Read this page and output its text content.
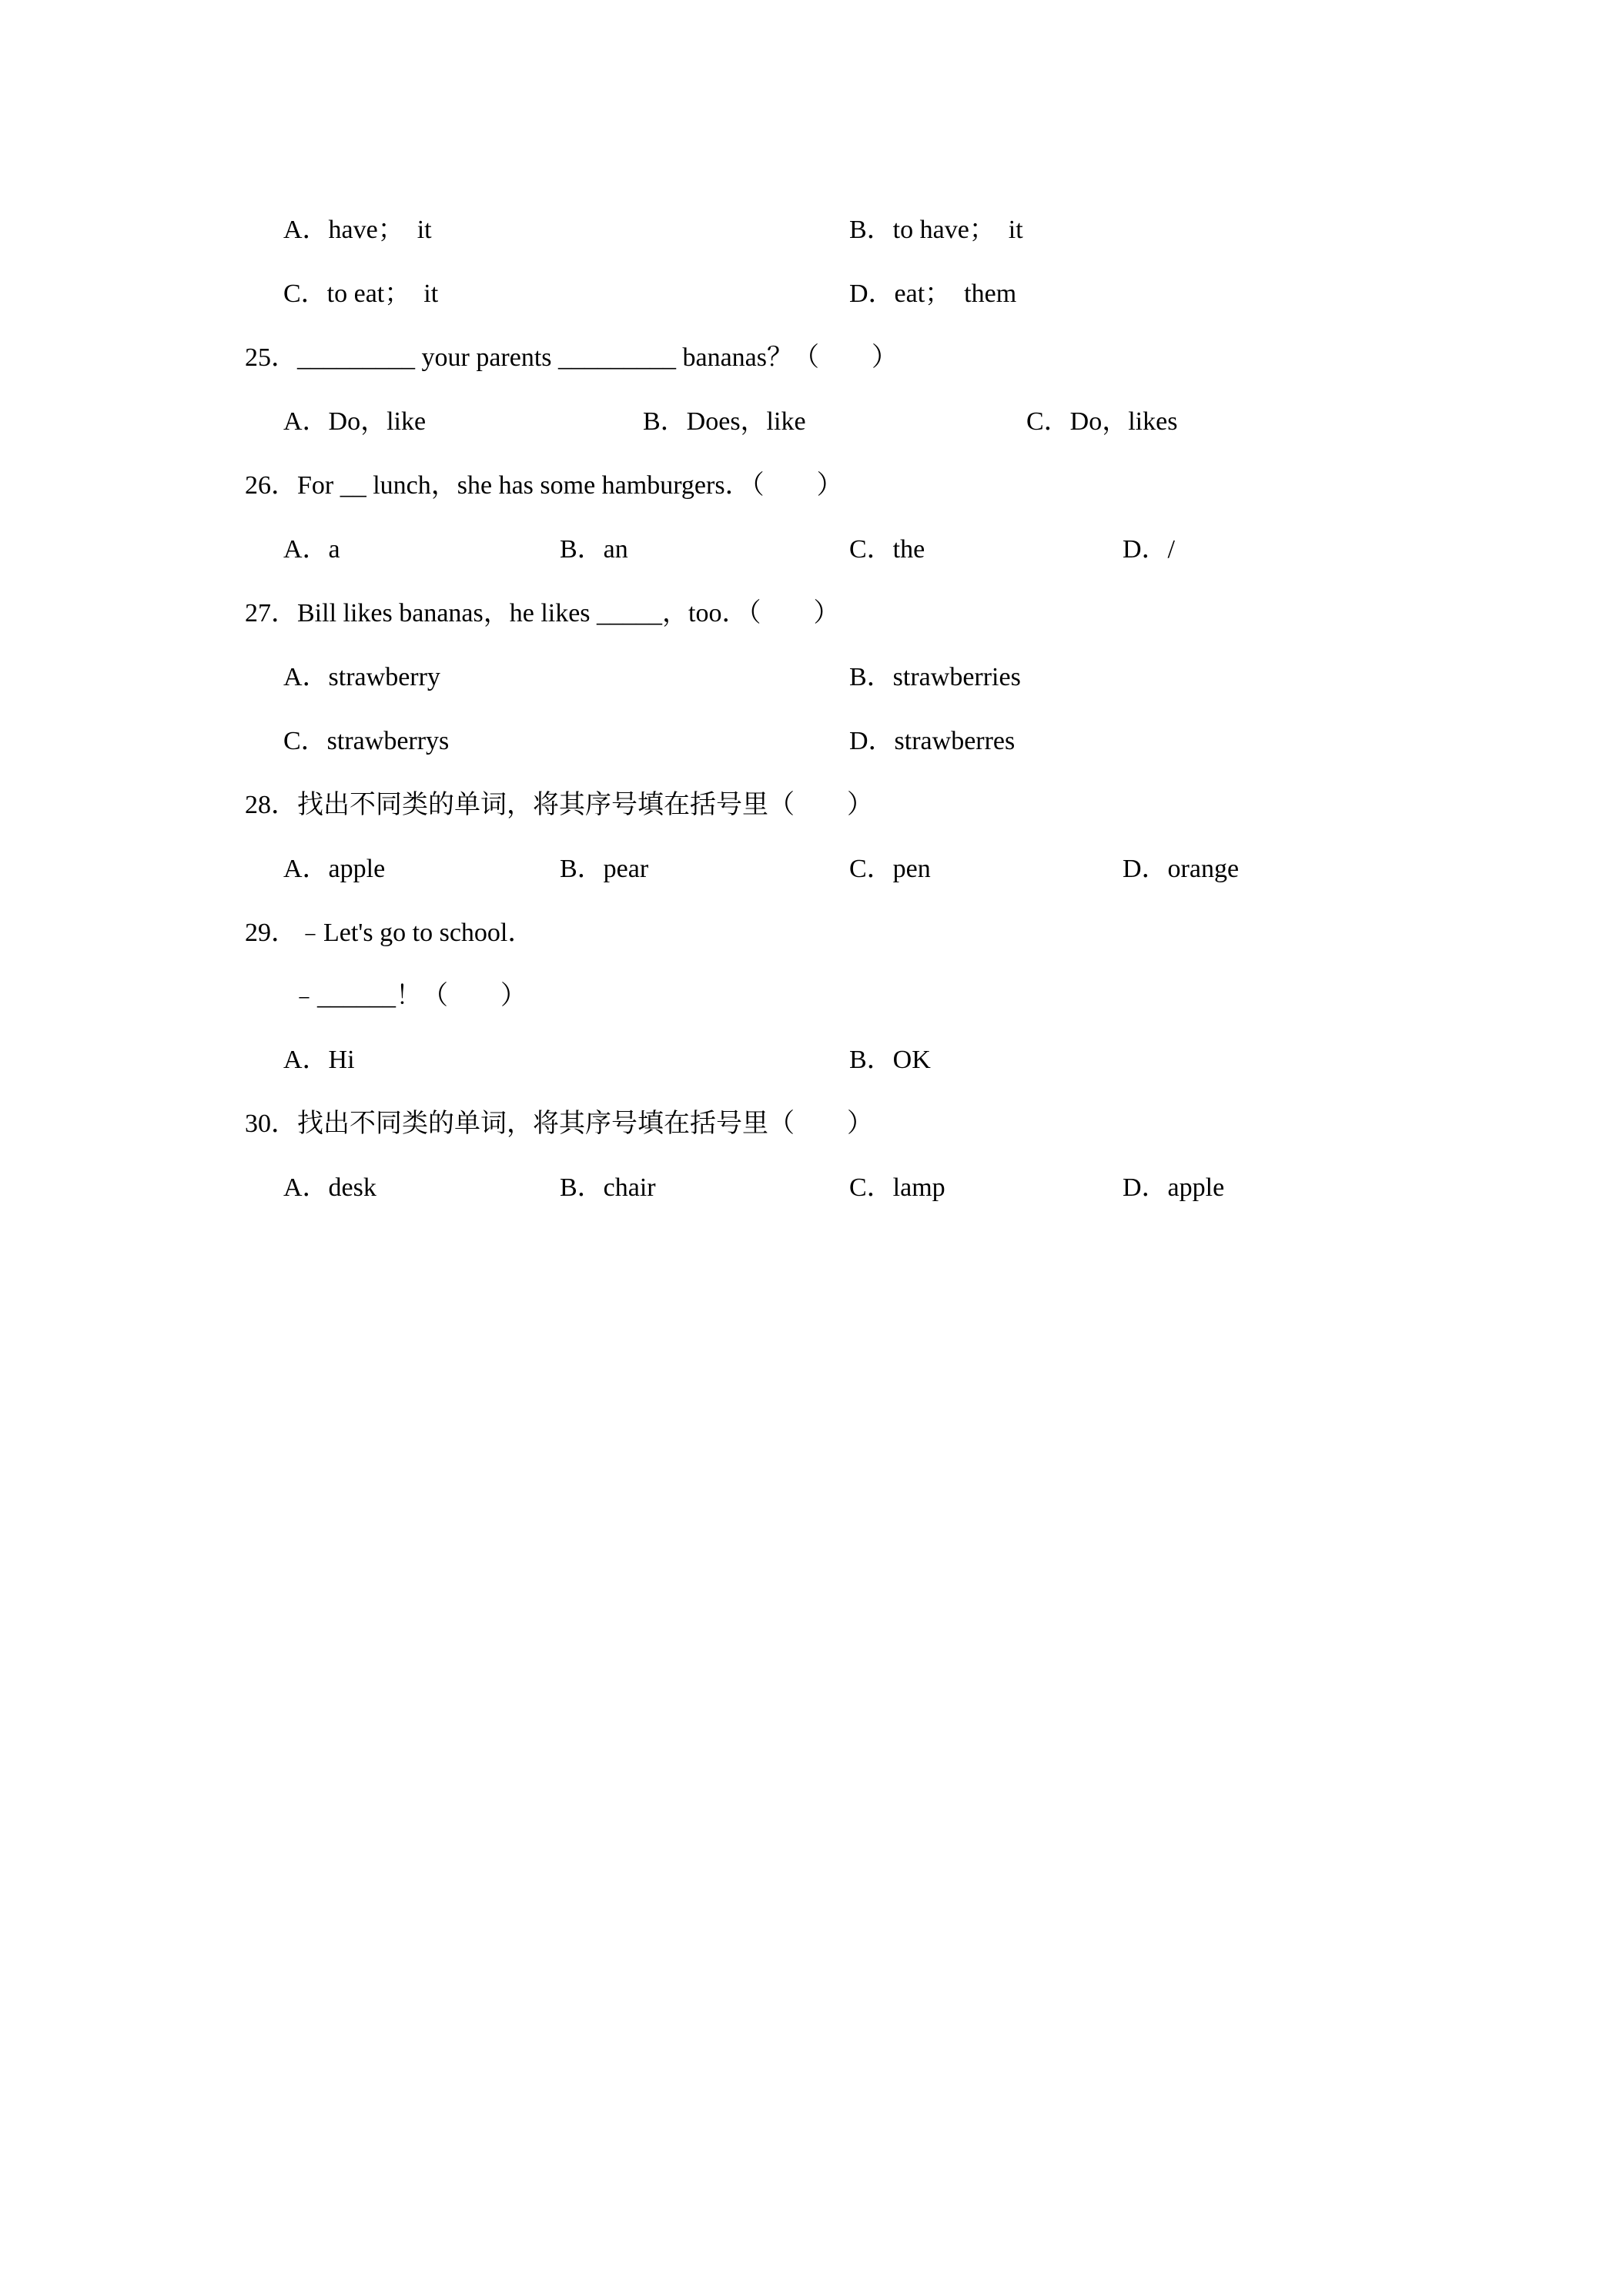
A．have；  it	B．to have；  it
C．to eat；  it	D．eat；  them
25．_________ your parents _________ bananas？（　　）
A．Do，like	B．Does，like	C．Do，likes
26．For __ lunch，she has some hamburgers．（　　）
A．a	B．an	C．the	D．/
27．Bill likes bananas，he likes _____，too．（　　）
A．strawberry	B．strawberries
C．strawberrys	D．strawberres
28．找出不同类的单词，将其序号填在括号里（　　）
A．apple	B．pear	C．pen	D．orange
29．﹣Let's go to school．
﹣______！（　　）
A．Hi	B．OK
30．找出不同类的单词，将其序号填在括号里（　　）
A．desk	B．chair	C．lamp	D．apple
